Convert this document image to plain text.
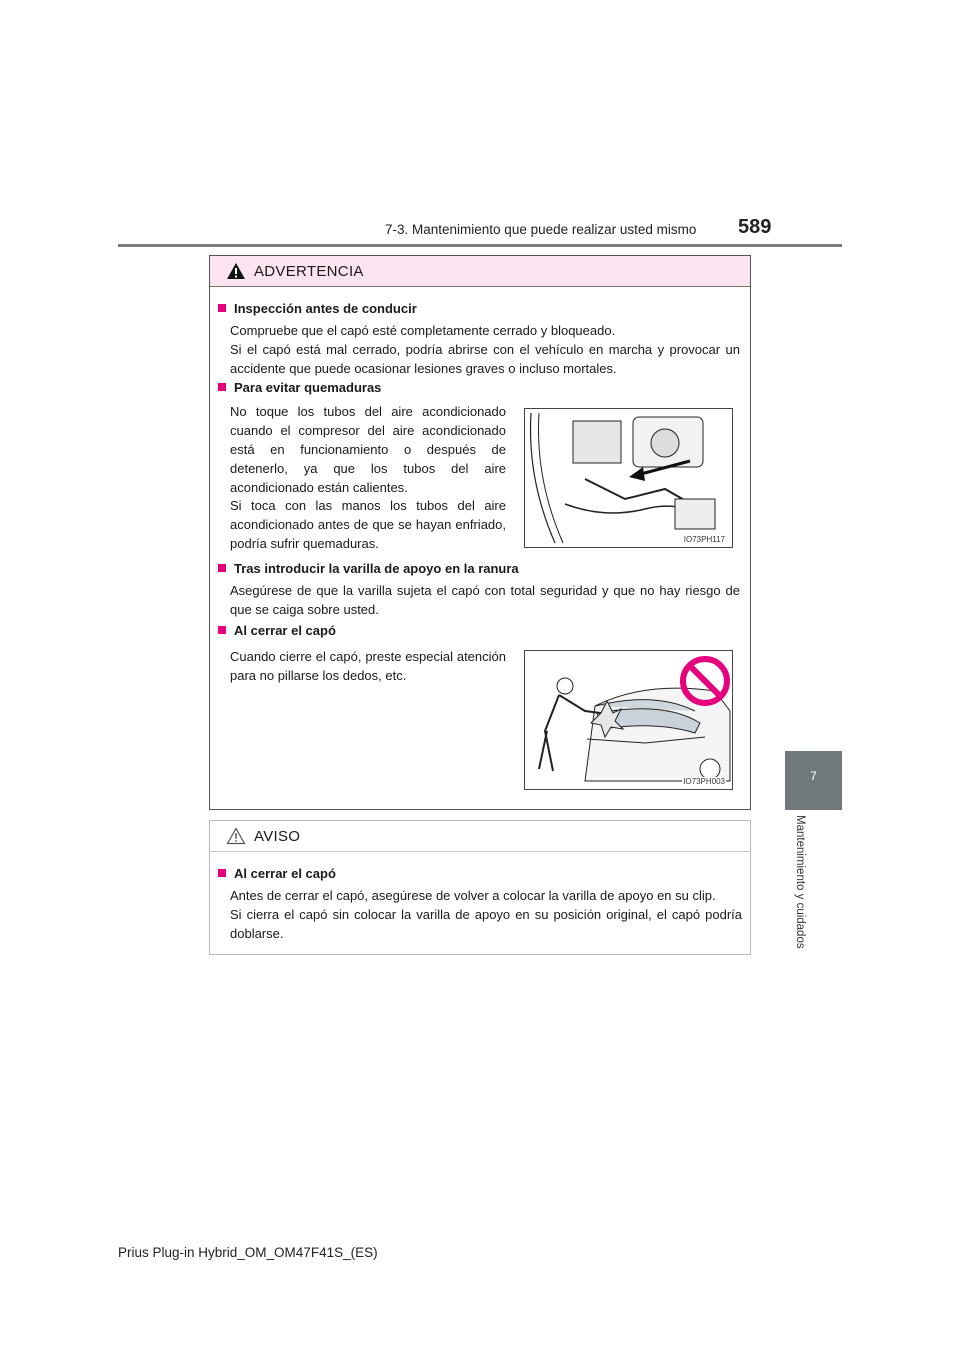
7-3. Mantenimiento que puede realizar usted mismo 589
7
Mantenimiento y cuidados
ADVERTENCIA
Inspección antes de conducir
Compruebe que el capó esté completamente cerrado y bloqueado.
Si el capó está mal cerrado, podría abrirse con el vehículo en marcha y provocar un accidente que puede ocasionar lesiones graves o incluso mortales.
Para evitar quemaduras
No toque los tubos del aire acondicionado cuando el compresor del aire acondicionado está en funcionamiento o después de detenerlo, ya que los tubos del aire acondicionado están calientes.
Si toca con las manos los tubos del aire acondicionado antes de que se hayan enfriado, podría sufrir quemaduras.	IO73PH117
Tras introducir la varilla de apoyo en la ranura
Asegúrese de que la varilla sujeta el capó con total seguridad y que no hay riesgo de que se caiga sobre usted.
Al cerrar el capó
Cuando cierre el capó, preste especial atención para no pillarse los dedos, etc.
IO73PH003
AVISO
Al cerrar el capó
Antes de cerrar el capó, asegúrese de volver a colocar la varilla de apoyo en su clip.
Si cierra el capó sin colocar la varilla de apoyo en su posición original, el capó podría doblarse.
Prius Plug-in Hybrid_OM_OM47F41S_(ES)
